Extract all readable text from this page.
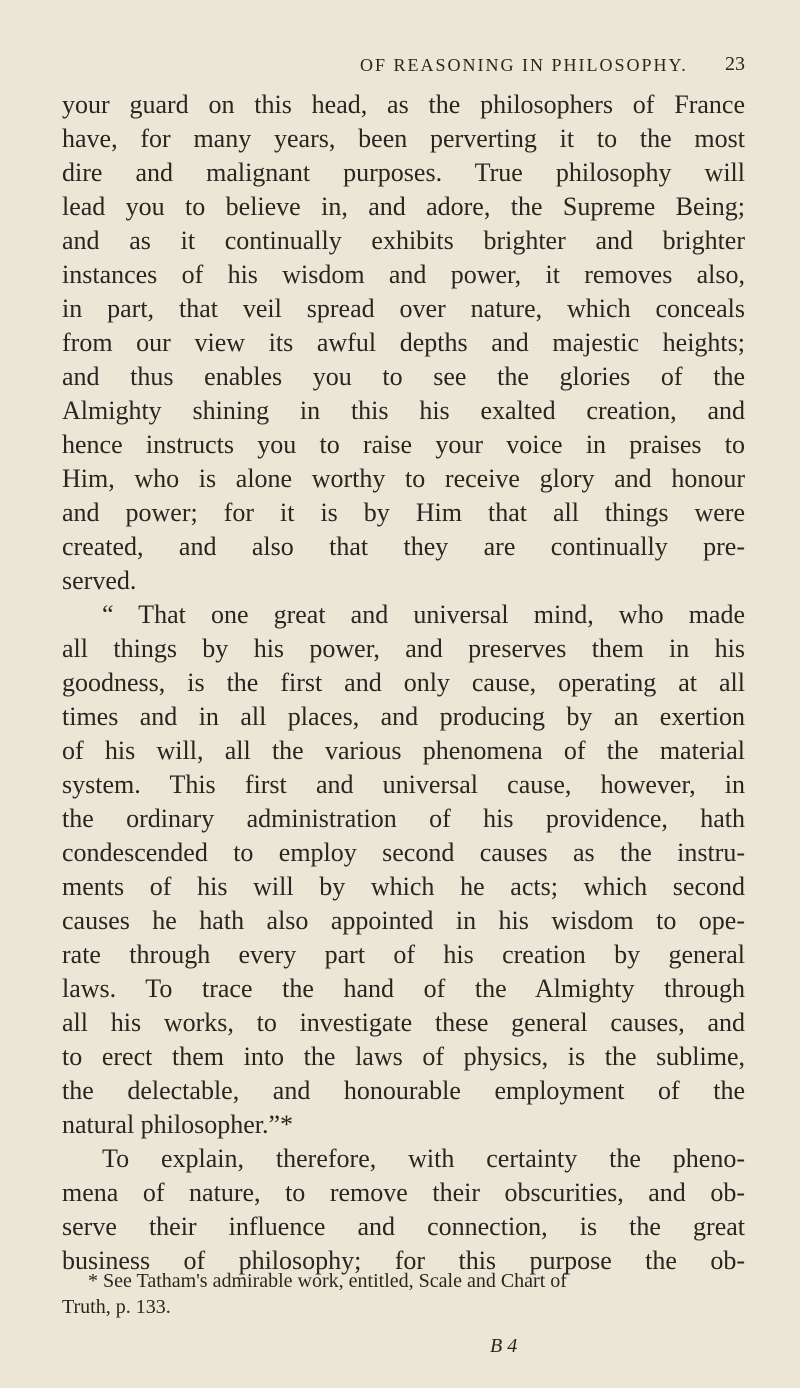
OF REASONING IN PHILOSOPHY.	23
your guard on this head, as the philosophers of France
have, for many years, been perverting it to the most
dire and malignant purposes. True philosophy will
lead you to believe in, and adore, the Supreme Being;
and as it continually exhibits brighter and brighter
instances of his wisdom and power, it removes also,
in part, that veil spread over nature, which conceals
from our view its awful depths and majestic heights;
and thus enables you to see the glories of the
Almighty shining in this his exalted creation, and
hence instructs you to raise your voice in praises to
Him, who is alone worthy to receive glory and honour
and power; for it is by Him that all things were
created, and also that they are continually pre-
served.
“ That one great and universal mind, who made
all things by his power, and preserves them in his
goodness, is the first and only cause, operating at all
times and in all places, and producing by an exertion
of his will, all the various phenomena of the material
system. This first and universal cause, however, in
the ordinary administration of his providence, hath
condescended to employ second causes as the instru-
ments of his will by which he acts; which second
causes he hath also appointed in his wisdom to ope-
rate through every part of his creation by general
laws. To trace the hand of the Almighty through
all his works, to investigate these general causes, and
to erect them into the laws of physics, is the sublime,
the delectable, and honourable employment of the
natural philosopher.”*
To explain, therefore, with certainty the pheno-
mena of nature, to remove their obscurities, and ob-
serve their influence and connection, is the great
business of philosophy; for this purpose the ob-
* See Tatham's admirable work, entitled, Scale and Chart of
Truth, p. 133.
B 4
